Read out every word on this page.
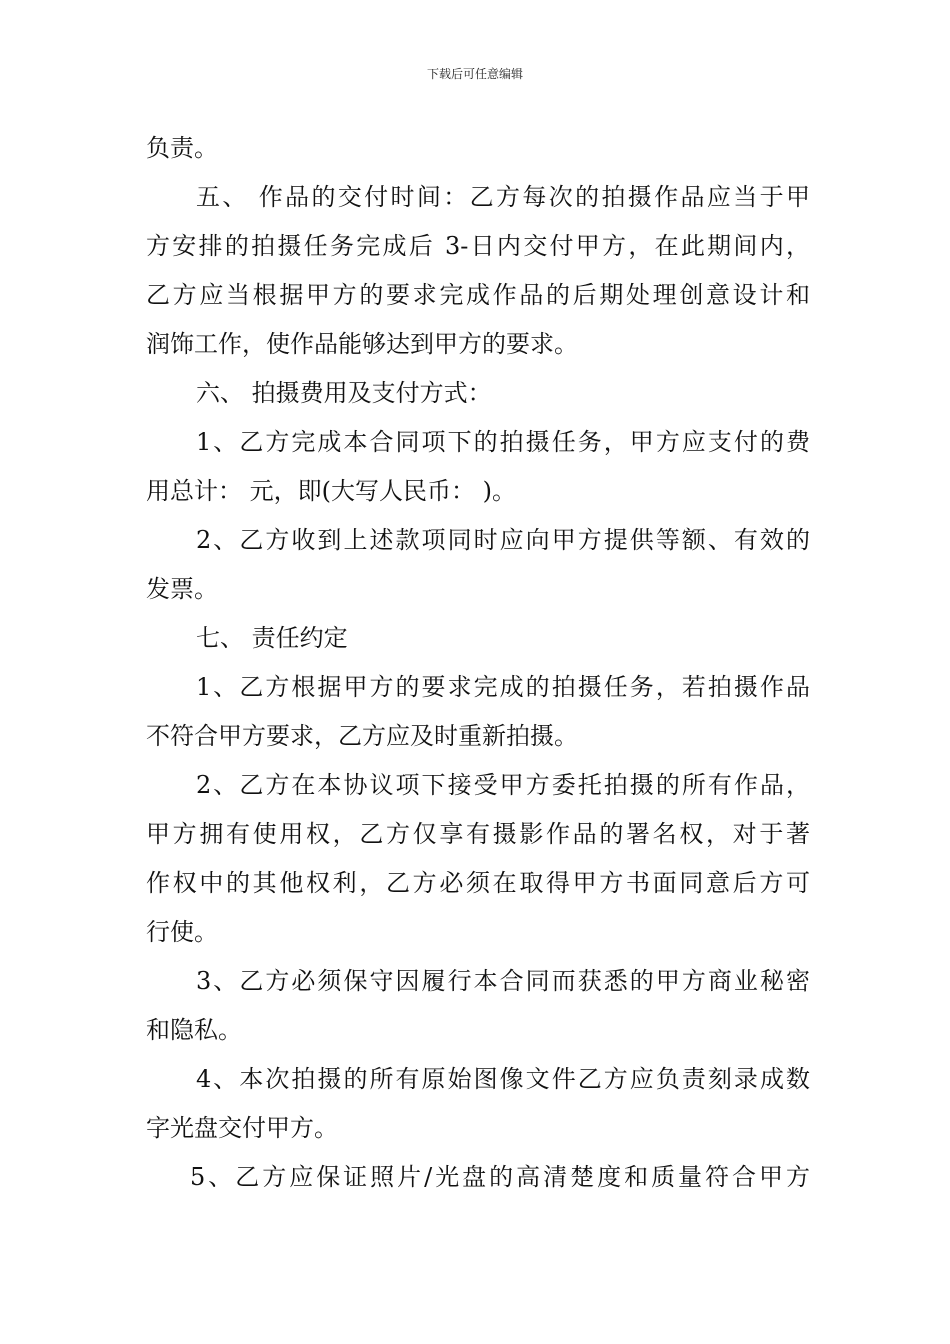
下载后可任意编辑
负责。
五、 作品的交付时间：乙方每次的拍摄作品应当于甲
方安排的拍摄任务完成后 3-日内交付甲方，在此期间内，
乙方应当根据甲方的要求完成作品的后期处理创意设计和
润饰工作，使作品能够达到甲方的要求。
六、 拍摄费用及支付方式：
1、乙方完成本合同项下的拍摄任务，甲方应支付的费
用总计： 元，即(大写人民币： )。
2、乙方收到上述款项同时应向甲方提供等额、有效的
发票。
七、 责任约定
1、乙方根据甲方的要求完成的拍摄任务，若拍摄作品
不符合甲方要求，乙方应及时重新拍摄。
2、乙方在本协议项下接受甲方委托拍摄的所有作品，
甲方拥有使用权，乙方仅享有摄影作品的署名权，对于著
作权中的其他权利，乙方必须在取得甲方书面同意后方可
行使。
3、乙方必须保守因履行本合同而获悉的甲方商业秘密
和隐私。
4、本次拍摄的所有原始图像文件乙方应负责刻录成数
字光盘交付甲方。
5、乙方应保证照片/光盘的高清楚度和质量符合甲方
